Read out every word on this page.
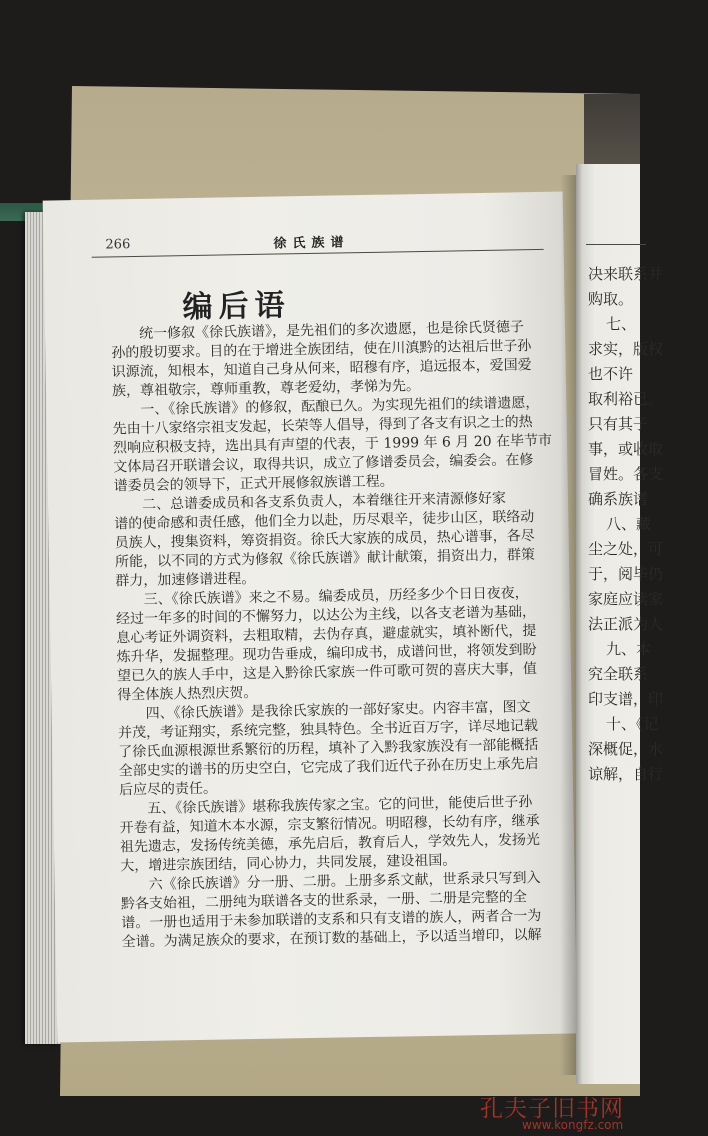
266	徐氏族谱
编后语
统一修叙《徐氏族谱》，是先祖们的多次遗愿，也是徐氏贤德子
孙的殷切要求。目的在于增进全族团结，使在川滇黔的达祖后世子孙
识源流，知根本，知道自己身从何来，昭穆有序，追远报本，爱国爱
族，尊祖敬宗，尊师重教，尊老爱幼，孝悌为先。
一、《徐氏族谱》的修叙，酝酿已久。为实现先祖们的续谱遗愿，
先由十八家络宗祖支发起，长荣等人倡导，得到了各支有识之士的热
烈响应积极支持，选出具有声望的代表，于 1999 年 6 月 20 在毕节市
文体局召开联谱会议，取得共识，成立了修谱委员会，编委会。在修
谱委员会的领导下，正式开展修叙族谱工程。
二、总谱委成员和各支系负责人，本着继往开来清源修好家
谱的使命感和责任感，他们全力以赴，历尽艰辛，徒步山区，联络动
员族人，搜集资料，筹资捐资。徐氏大家族的成员，热心谱事，各尽
所能，以不同的方式为修叙《徐氏族谱》献计献策，捐资出力，群策
群力，加速修谱进程。
三、《徐氏族谱》来之不易。编委成员，历经多少个日日夜夜，
经过一年多的时间的不懈努力，以达公为主线，以各支老谱为基础，
息心考证外调资料，去粗取精，去伪存真，避虚就实，填补断代，提
炼升华，发掘整理。现功告垂成，编印成书，成谱问世，将领发到盼
望已久的族人手中，这是入黔徐氏家族一件可歌可贺的喜庆大事，值
得全体族人热烈庆贺。
四、《徐氏族谱》是我徐氏家族的一部好家史。内容丰富，图文
并茂，考证翔实，系统完整，独具特色。全书近百万字，详尽地记载
了徐氏血源根源世系繁衍的历程，填补了入黔我家族没有一部能概括
全部史实的谱书的历史空白，它完成了我们近代子孙在历史上承先启
后应尽的责任。
五、《徐氏族谱》堪称我族传家之宝。它的问世，能使后世子孙
开卷有益，知道木本水源，宗支繁衍情况。明昭穆，长幼有序，继承
祖先遗志，发扬传统美德，承先启后，教育后人，学效先人，发扬光
大，增进宗族团结，同心协力，共同发展，建设祖国。
六《徐氏族谱》分一册、二册。上册多系文献，世系录只写到入
黔各支始祖，二册纯为联谱各支的世系录，一册、二册是完整的全
谱。一册也适用于未参加联谱的支系和只有支谱的族人，两者合一为
全谱。为满足族众的要求，在预订数的基础上，予以适当增印，以解
决来联系并
购取。
七、
求实，版权
也不许
取利裕已。
只有其子
事，或收取
冒姓。各支
确系族谱
八、藏
尘之处，可
于，阅毕仍
家庭应读家
法正派为人
九、本
究全联系
印支谱，印
十、《记
深概促，水
谅解，自行
孔夫子旧书网
www.kongfz.com
